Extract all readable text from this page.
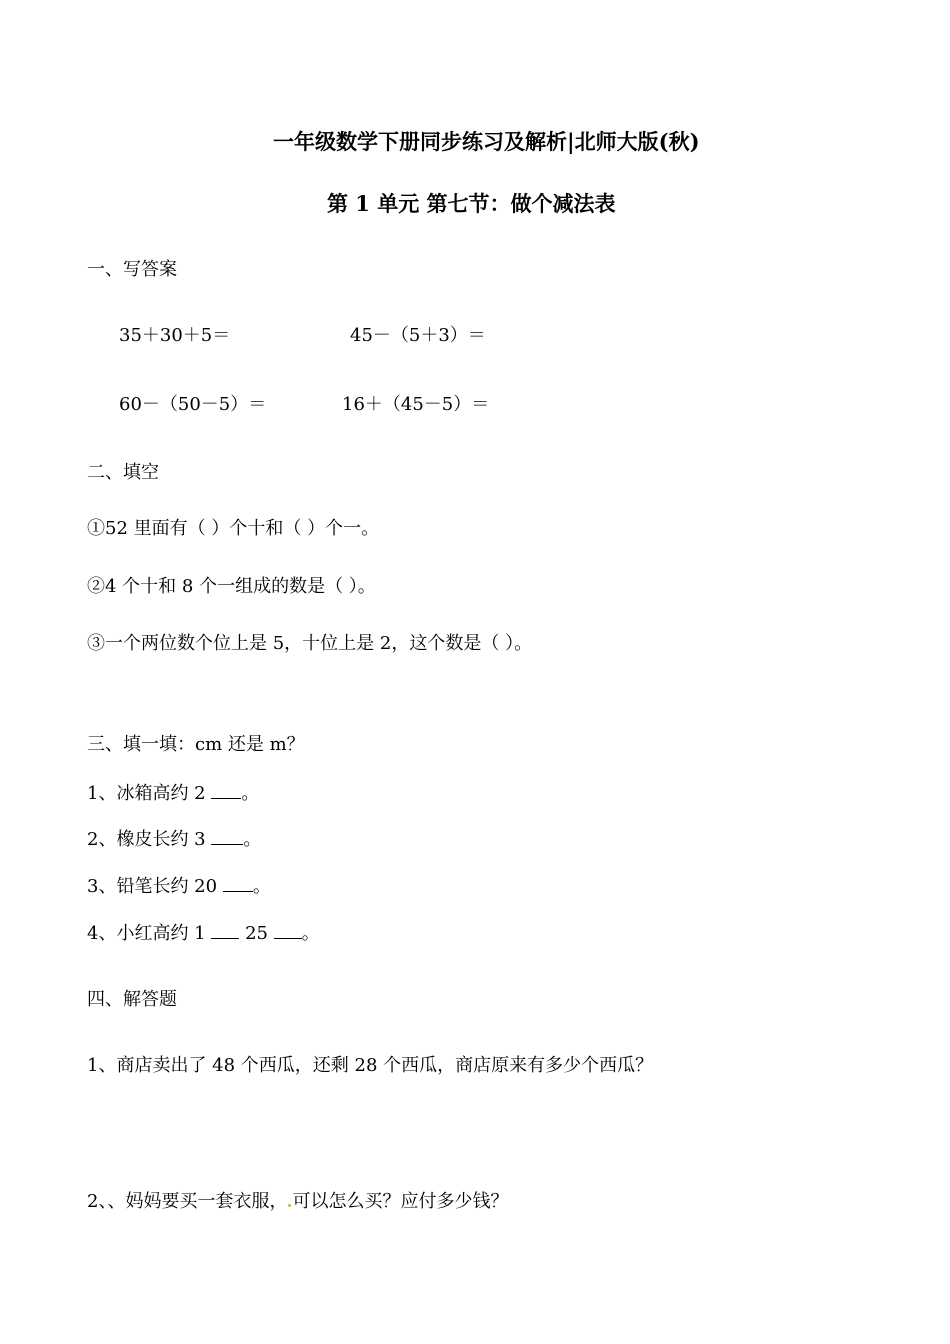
一年级数学下册同步练习及解析|北师大版(秋)
第 1 单元 第七节：做个减法表
一、写答案
35＋30＋5＝	45－（5＋3）＝
60－（50－5）＝	16＋（45－5）＝
二、填空
①52 里面有（ ）个十和（ ）个一。
②4 个十和 8 个一组成的数是（ ）。
③一个两位数个位上是 5，十位上是 2，这个数是（ ）。
三、填一填：cm 还是 m？
1、冰箱高约 2 。
2、橡皮长约 3 。
3、铅笔长约 20 。
4、小红高约 1  25 。
四、解答题
1、商店卖出了 48 个西瓜，还剩 28 个西瓜，商店原来有多少个西瓜？
2、、妈妈要买一套衣服， 可以怎么买？应付多少钱？
